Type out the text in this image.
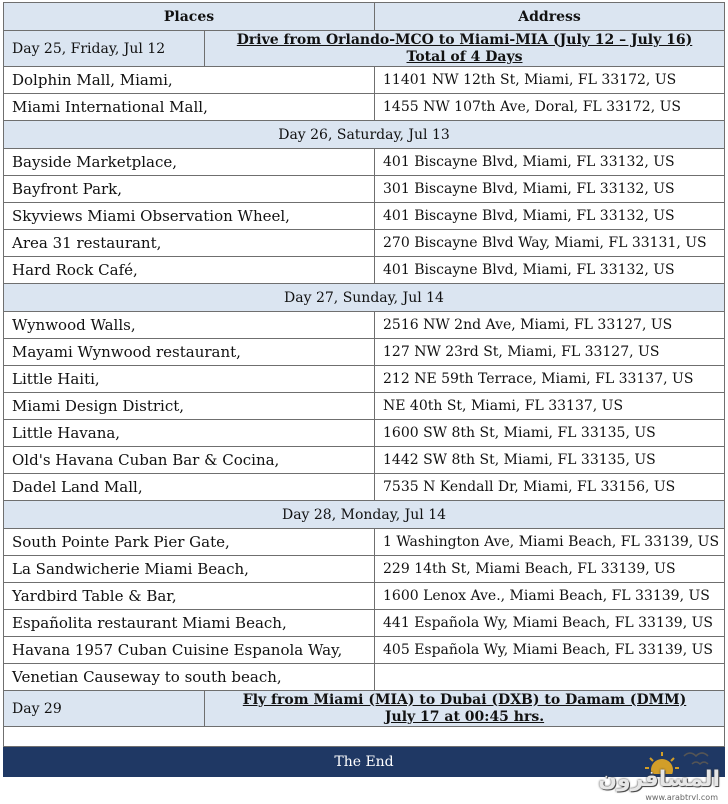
Places		Address
Day 25, Friday, Jul 12	Drive from Orlando-MCO to Miami-MIA (July 12 – July 16)
Total of 4 Days	
Dolphin Mall, Miami,		11401 NW 12th St, Miami, FL 33172, US
Miami International Mall,		1455 NW 107th Ave, Doral, FL 33172, US
Day 26, Saturday, Jul 13		
Bayside Marketplace,		401 Biscayne Blvd, Miami, FL 33132, US
Bayfront Park,		301 Biscayne Blvd, Miami, FL 33132, US
Skyviews Miami Observation Wheel,		401 Biscayne Blvd, Miami, FL 33132, US
Area 31 restaurant,		270 Biscayne Blvd Way, Miami, FL 33131, US
Hard Rock Café,		401 Biscayne Blvd, Miami, FL 33132, US
Day 27, Sunday, Jul 14		
Wynwood Walls,		2516 NW 2nd Ave, Miami, FL 33127, US
Mayami Wynwood restaurant,		127 NW 23rd St, Miami, FL 33127, US
Little Haiti,		212 NE 59th Terrace, Miami, FL 33137, US
Miami Design District,		NE 40th St, Miami, FL 33137, US
Little Havana,		1600 SW 8th St, Miami, FL 33135, US
Old's Havana Cuban Bar & Cocina,		1442 SW 8th St, Miami, FL 33135, US
Dadel Land Mall,		7535 N Kendall Dr, Miami, FL 33156, US
Day 28, Monday, Jul 14		
South Pointe Park Pier Gate,		1 Washington Ave, Miami Beach, FL 33139, US
La Sandwicherie Miami Beach,		229 14th St, Miami Beach, FL 33139, US
Yardbird Table & Bar,		1600 Lenox Ave., Miami Beach, FL 33139, US
Españolita restaurant Miami Beach,		441 Española Wy, Miami Beach, FL 33139, US
Havana 1957 Cuban Cuisine Espanola Way,		405 Española Wy, Miami Beach, FL 33139, US
Venetian Causeway to south beach,		
Day 29	Fly from Miami (MIA) to Dubai (DXB) to Damam (DMM)
July 17 at 00:45 hrs.	

The End		
المسافرون
www.arabtrvl.com
